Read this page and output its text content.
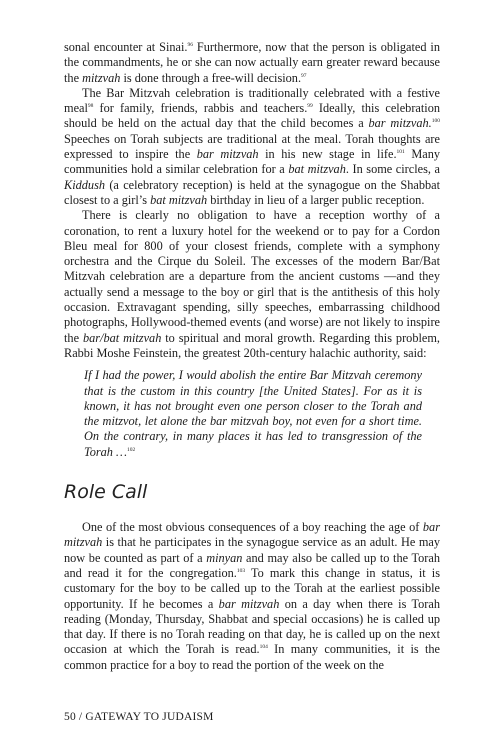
sonal encounter at Sinai.$^{96}$ Furthermore, now that the person is obligated in the commandments, he or she can now actually earn greater reward because the mitzvah is done through a free-will decision.$^{97}$

The Bar Mitzvah celebration is traditionally celebrated with a festive meal$^{98}$ for family, friends, rabbis and teachers.$^{99}$ Ideally, this celebration should be held on the actual day that the child becomes a bar mitzvah.$^{100}$ Speeches on Torah subjects are traditional at the meal. Torah thoughts are expressed to inspire the bar mitzvah in his new stage in life.$^{101}$ Many communities hold a similar celebration for a bat mitzvah. In some circles, a Kiddush (a celebratory reception) is held at the synagogue on the Shabbat closest to a girl’s bat mitzvah birthday in lieu of a larger public reception.

There is clearly no obligation to have a reception worthy of a coronation, to rent a luxury hotel for the weekend or to pay for a Cordon Bleu meal for 800 of your closest friends, complete with a symphony orchestra and the Cirque du Soleil. The excesses of the modern Bar/Bat Mitzvah celebration are a departure from the ancient customs —and they actually send a message to the boy or girl that is the antithesis of this holy occasion. Extravagant spending, silly speeches, embarrassing childhood photographs, Hollywood-themed events (and worse) are not likely to inspire the bar/bat mitzvah to spiritual and moral growth. Regarding this problem, Rabbi Moshe Feinstein, the greatest 20th-century halachic authority, said:

If I had the power, I would abolish the entire Bar Mitzvah ceremony that is the custom in this country [the United States]. For as it is known, it has not brought even one person closer to the Torah and the mitzvot, let alone the bar mitzvah boy, not even for a short time. On the contrary, in many places it has led to transgression of the Torah …$^{102}$

Role Call

One of the most obvious consequences of a boy reaching the age of bar mitzvah is that he participates in the synagogue service as an adult. He may now be counted as part of a minyan and may also be called up to the Torah and read it for the congregation.$^{103}$ To mark this change in status, it is customary for the boy to be called up to the Torah at the earliest possible opportunity. If he becomes a bar mitzvah on a day when there is Torah reading (Monday, Thursday, Shabbat and special occasions) he is called up that day. If there is no Torah reading on that day, he is called up on the next occasion at which the Torah is read.$^{104}$ In many communities, it is the common practice for a boy to read the portion of the week on the

50 / GATEWAY TO JUDAISM
